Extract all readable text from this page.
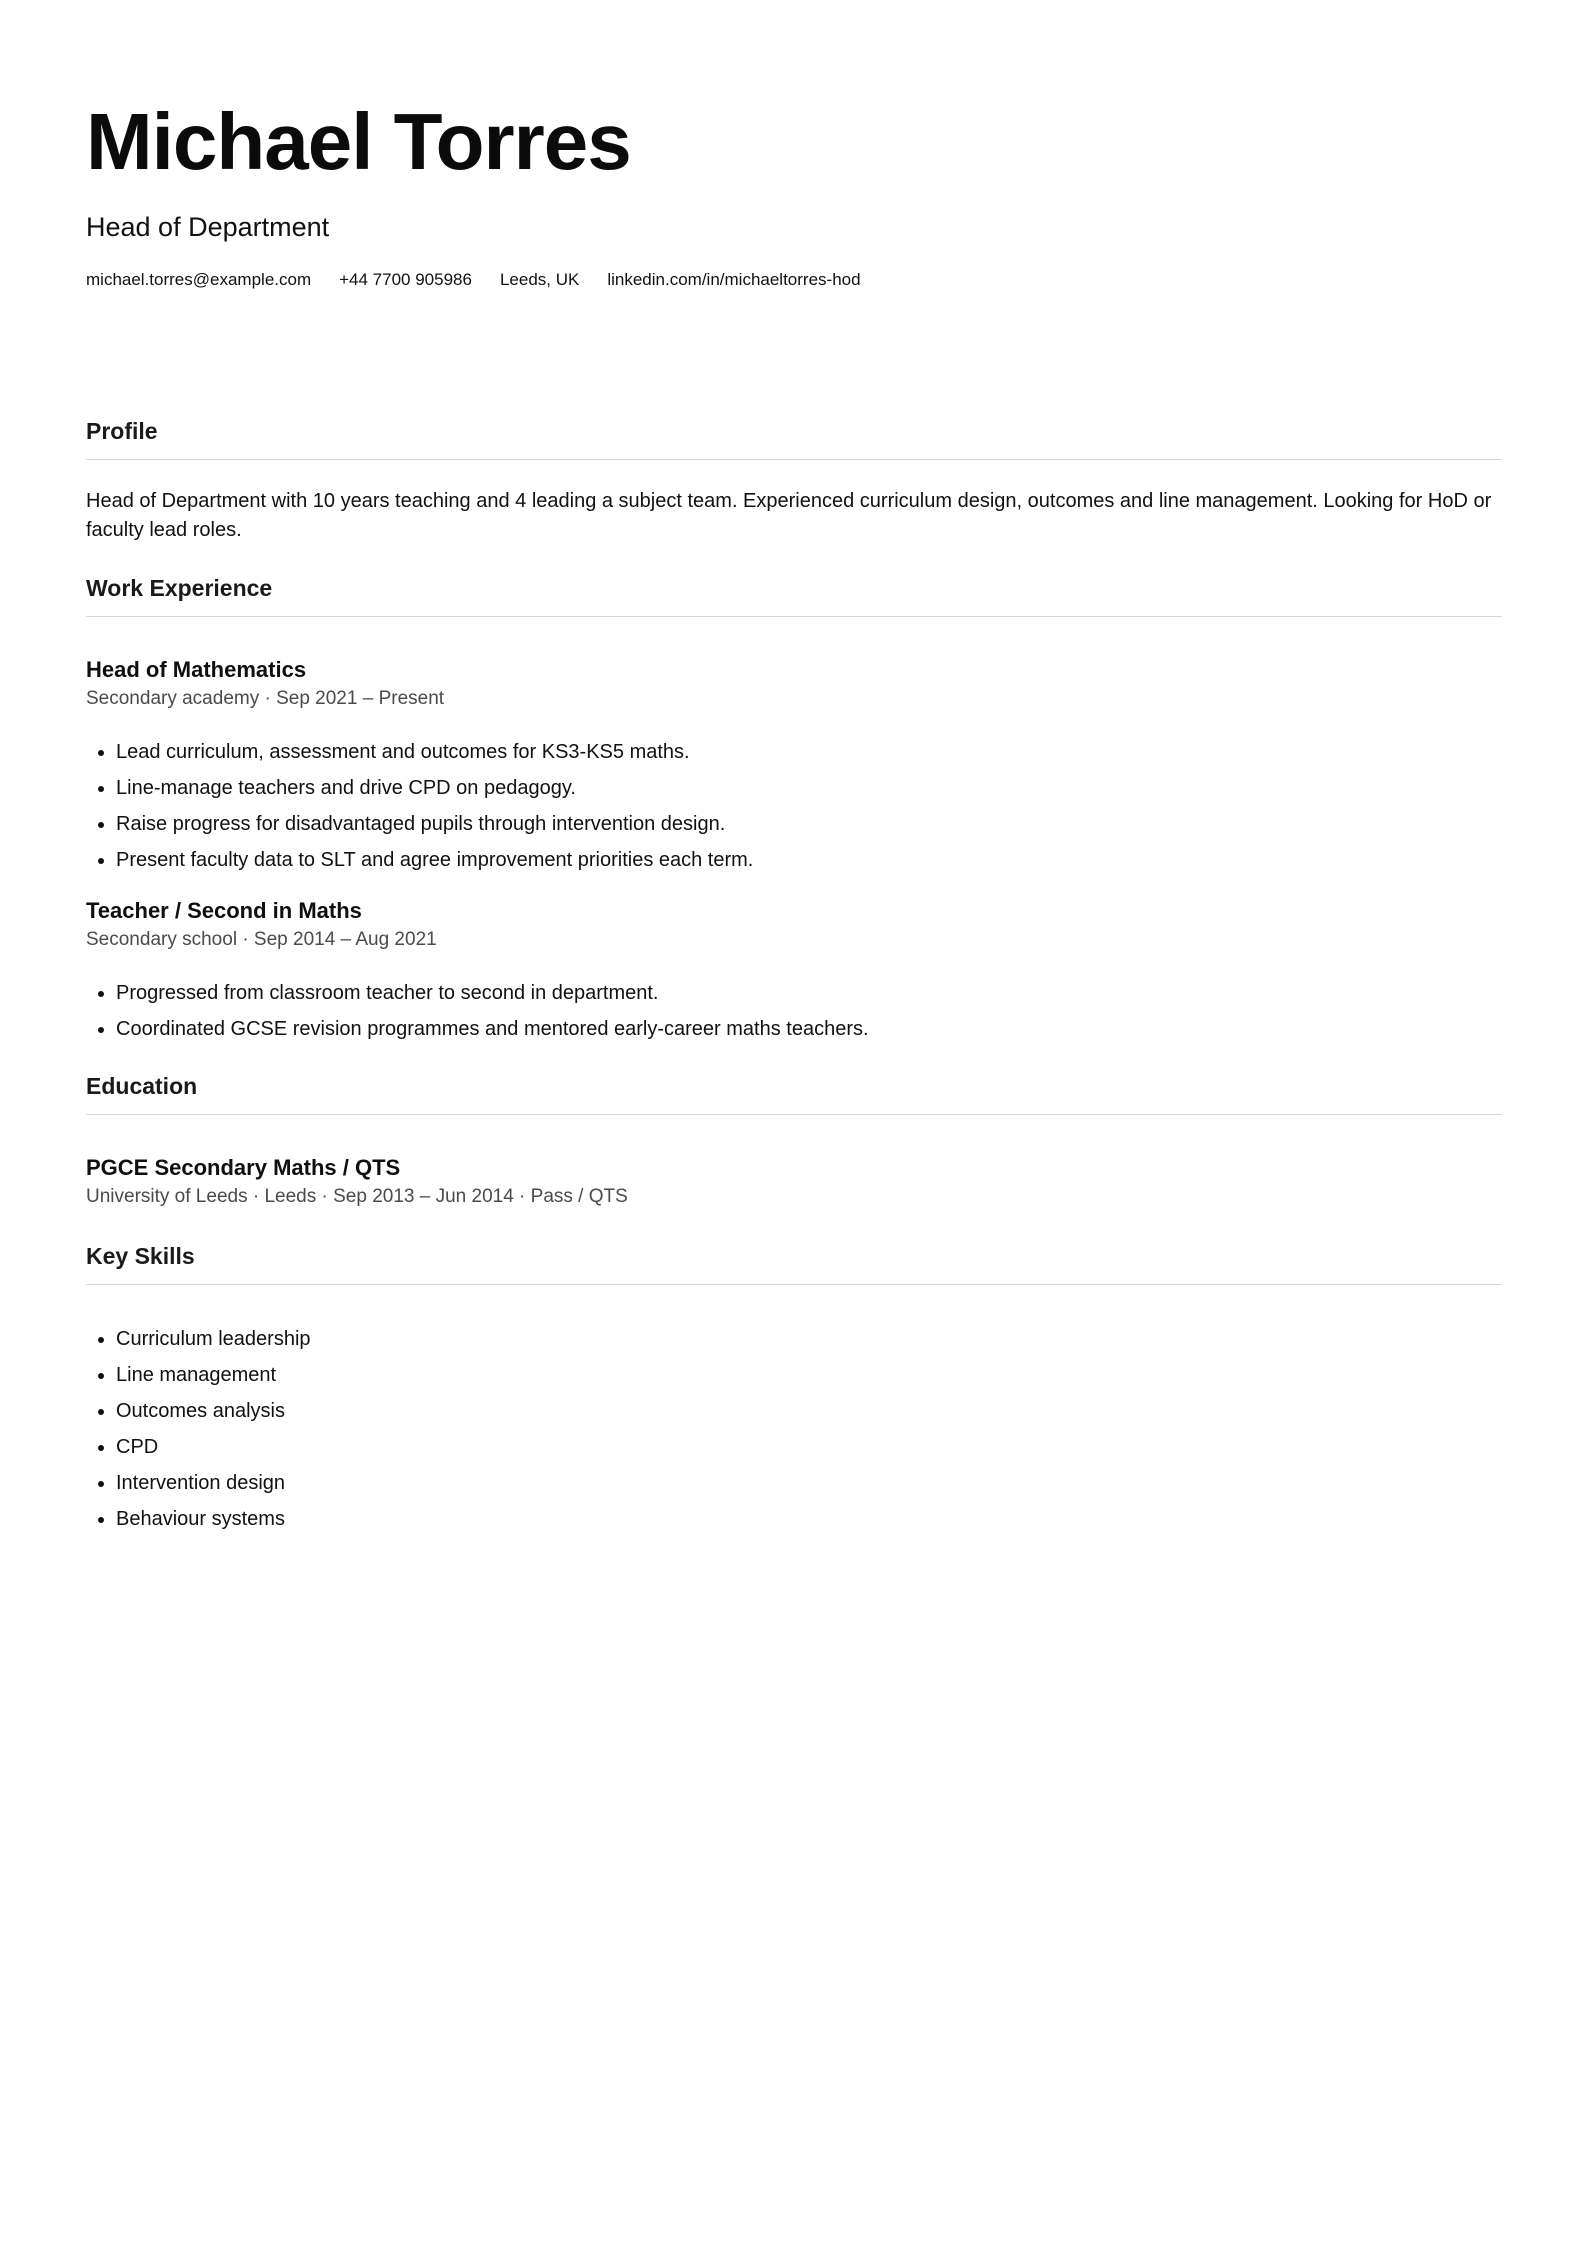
Michael Torres
Head of Department
michael.torres@example.com +44 7700 905986 Leeds, UK linkedin.com/in/michaeltorres-hod
Profile
Head of Department with 10 years teaching and 4 leading a subject team. Experienced curriculum design, outcomes and line management. Looking for HoD or faculty lead roles.
Work Experience
Head of Mathematics
Secondary academy · Sep 2021 – Present
• Lead curriculum, assessment and outcomes for KS3-KS5 maths.
• Line-manage teachers and drive CPD on pedagogy.
• Raise progress for disadvantaged pupils through intervention design.
• Present faculty data to SLT and agree improvement priorities each term.
Teacher / Second in Maths
Secondary school · Sep 2014 – Aug 2021
• Progressed from classroom teacher to second in department.
• Coordinated GCSE revision programmes and mentored early-career maths teachers.
Education
PGCE Secondary Maths / QTS
University of Leeds · Leeds · Sep 2013 – Jun 2014 · Pass / QTS
Key Skills
• Curriculum leadership
• Line management
• Outcomes analysis
• CPD
• Intervention design
• Behaviour systems
